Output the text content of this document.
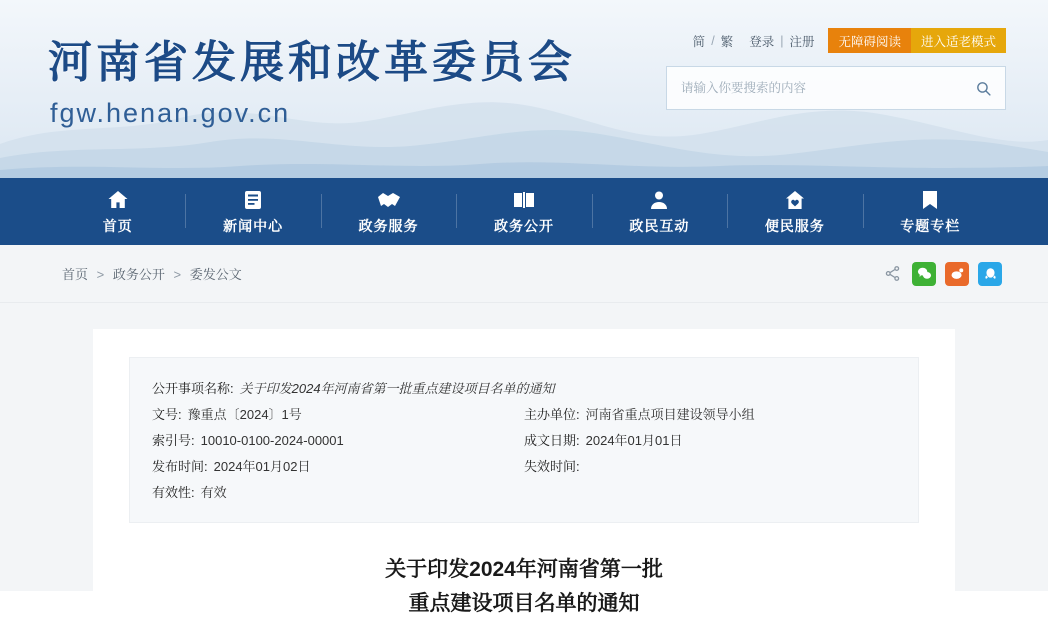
河南省发展和改革委员会
fgw.henan.gov.cn
简 / 繁	登录 | 注册	无障碍阅读	进入适老模式
请输入你要搜索的内容
首页	新闻中心	政务服务	政务公开	政民互动	便民服务	专题专栏
首页 > 政务公开 > 委发公文
公开事项名称: 关于印发2024年河南省第一批重点建设项目名单的通知
文号: 豫重点〔2024〕1号	主办单位: 河南省重点项目建设领导小组
索引号: 10010-0100-2024-00001	成文日期: 2024年01月01日
发布时间: 2024年01月02日	失效时间:
有效性: 有效
关于印发2024年河南省第一批
重点建设项目名单的通知
